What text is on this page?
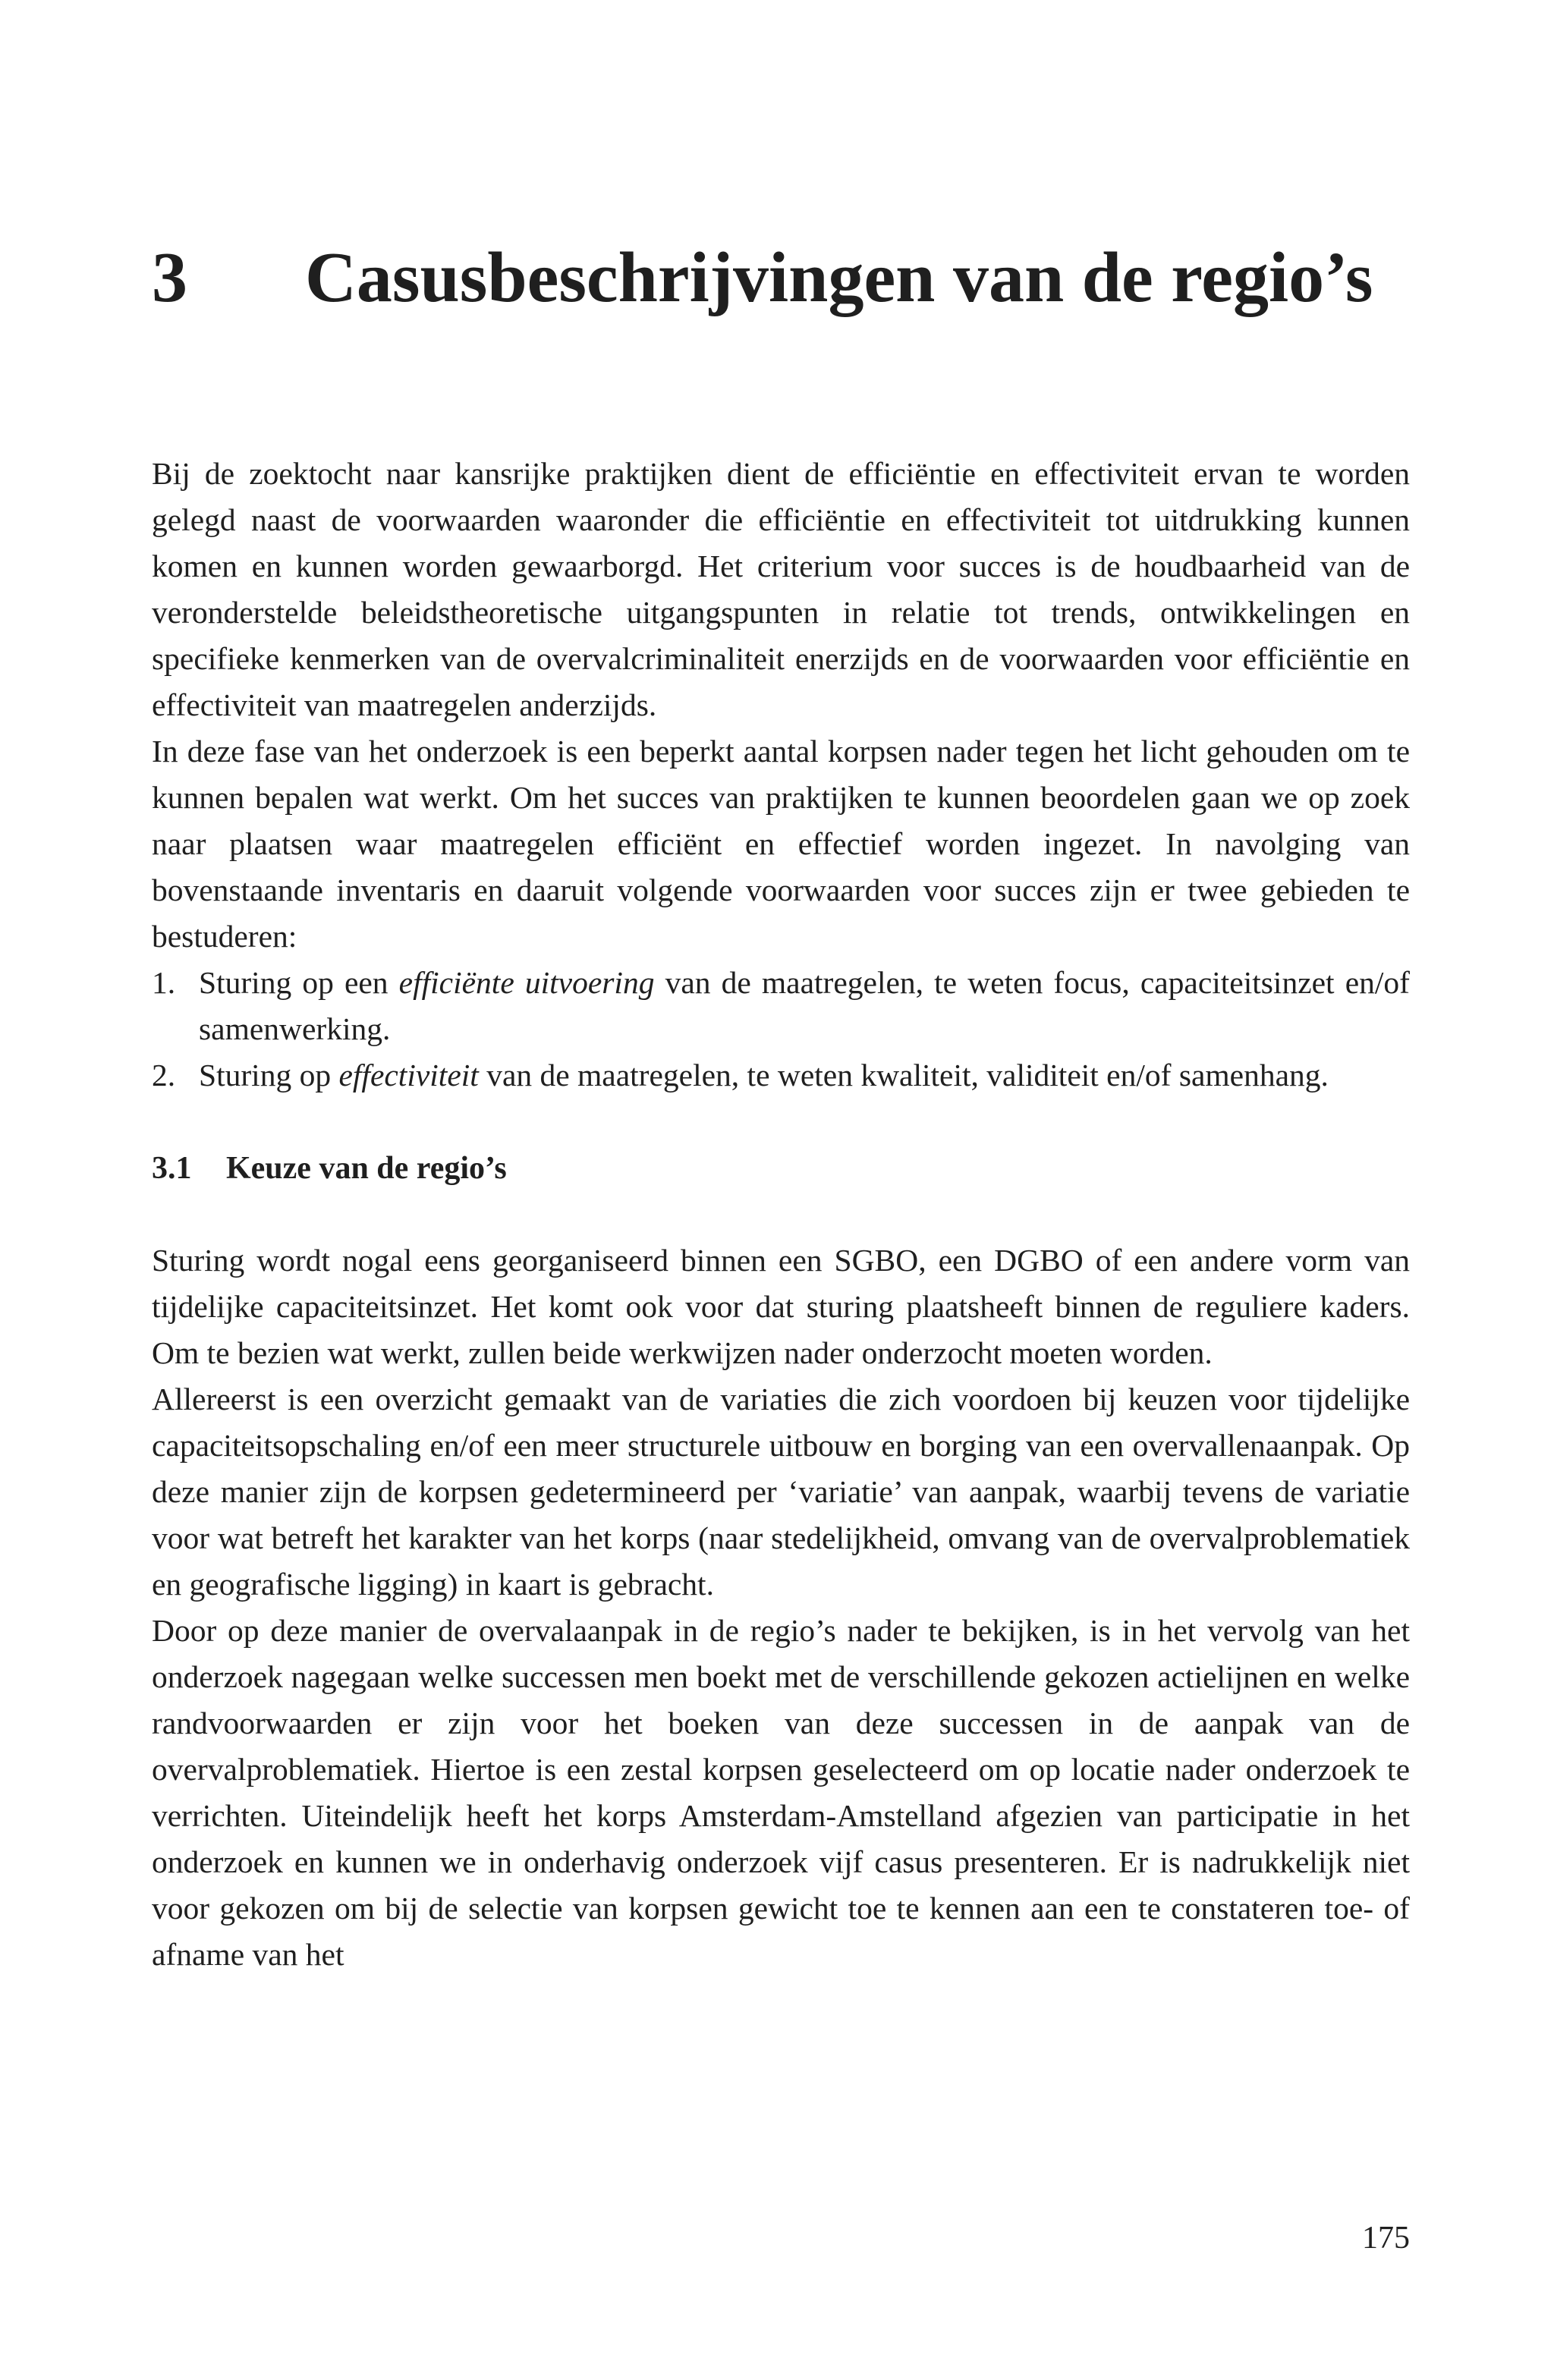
3 Casusbeschrijvingen van de regio’s

Bij de zoektocht naar kansrijke praktijken dient de efficiëntie en effectiviteit ervan te worden gelegd naast de voorwaarden waaronder die efficiëntie en effectiviteit tot uitdrukking kunnen komen en kunnen worden gewaarborgd. Het criterium voor succes is de houdbaarheid van de veronderstelde beleidstheoretische uitgangspunten in relatie tot trends, ontwikkelingen en specifieke kenmerken van de overvalcriminaliteit enerzijds en de voorwaarden voor efficiëntie en effectiviteit van maatregelen anderzijds.

In deze fase van het onderzoek is een beperkt aantal korpsen nader tegen het licht gehouden om te kunnen bepalen wat werkt. Om het succes van praktijken te kunnen beoordelen gaan we op zoek naar plaatsen waar maatregelen efficiënt en effectief worden ingezet. In navolging van bovenstaande inventaris en daaruit volgende voorwaarden voor succes zijn er twee gebieden te bestuderen:

1. Sturing op een efficiënte uitvoering van de maatregelen, te weten focus, capaciteitsinzet en/of samenwerking.
2. Sturing op effectiviteit van de maatregelen, te weten kwaliteit, validiteit en/of samenhang.
3.1 Keuze van de regio’s

Sturing wordt nogal eens georganiseerd binnen een SGBO, een DGBO of een andere vorm van tijdelijke capaciteitsinzet. Het komt ook voor dat sturing plaatsheeft binnen de reguliere kaders. Om te bezien wat werkt, zullen beide werkwijzen nader onderzocht moeten worden.

Allereerst is een overzicht gemaakt van de variaties die zich voordoen bij keuzen voor tijdelijke capaciteitsopschaling en/of een meer structurele uitbouw en borging van een overvallenaanpak. Op deze manier zijn de korpsen gedetermineerd per ‘variatie’ van aanpak, waarbij tevens de variatie voor wat betreft het karakter van het korps (naar stedelijkheid, omvang van de overvalproblematiek en geografische ligging) in kaart is gebracht.

Door op deze manier de overvalaanpak in de regio’s nader te bekijken, is in het vervolg van het onderzoek nagegaan welke successen men boekt met de verschillende gekozen actielijnen en welke randvoorwaarden er zijn voor het boeken van deze successen in de aanpak van de overvalproblematiek. Hiertoe is een zestal korpsen geselecteerd om op locatie nader onderzoek te verrichten. Uiteindelijk heeft het korps Amsterdam-Amstelland afgezien van participatie in het onderzoek en kunnen we in onderhavig onderzoek vijf casus presenteren. Er is nadrukkelijk niet voor gekozen om bij de selectie van korpsen gewicht toe te kennen aan een te constateren toe- of afname van het

175
